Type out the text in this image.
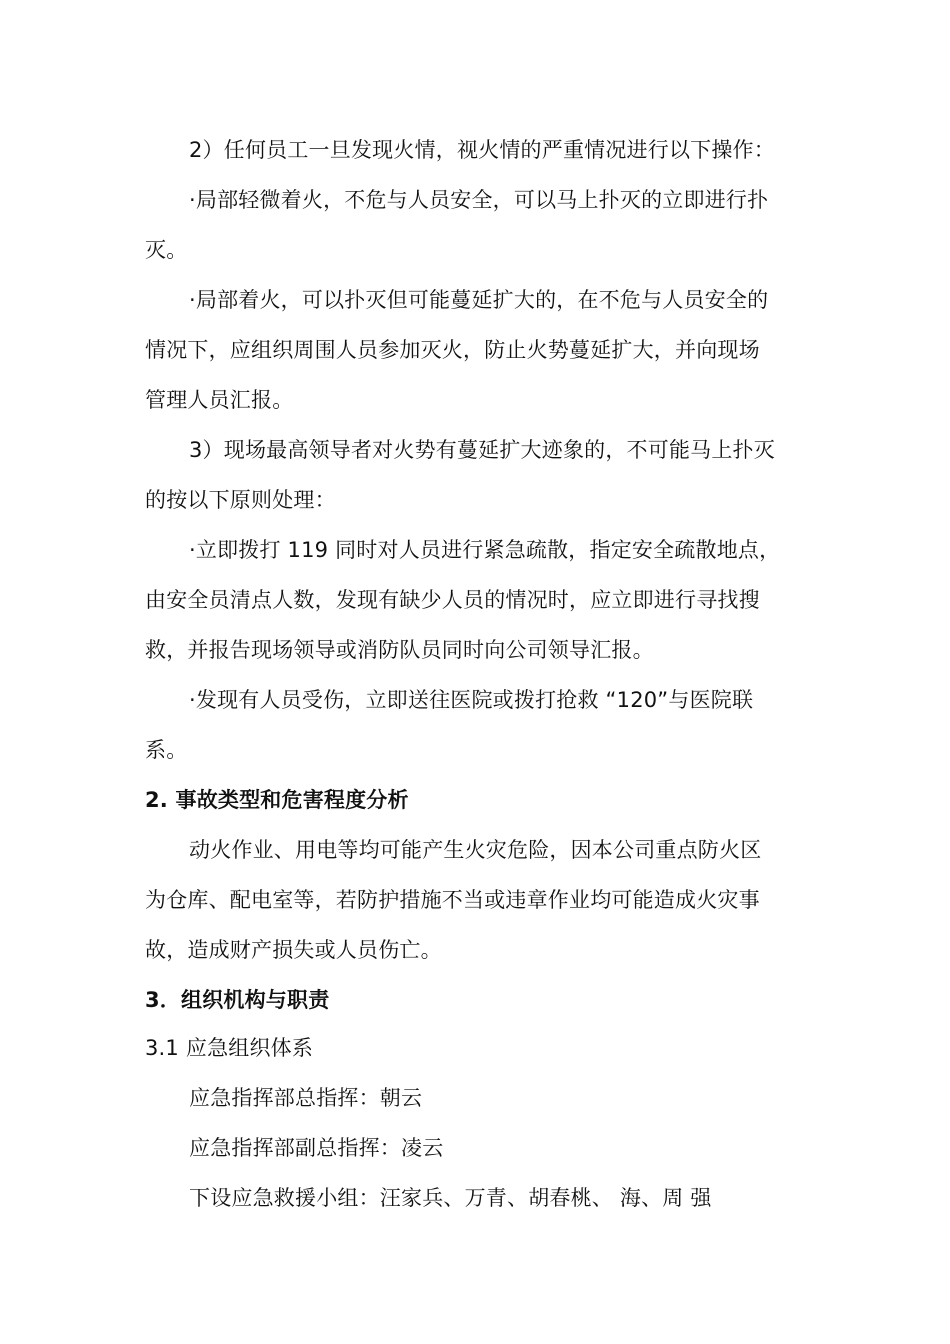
2）任何员工一旦发现火情，视火情的严重情况进行以下操作：
·局部轻微着火，不危与人员安全，可以马上扑灭的立即进行扑
灭。
·局部着火，可以扑灭但可能蔓延扩大的，在不危与人员安全的
情况下，应组织周围人员参加灭火，防止火势蔓延扩大，并向现场
管理人员汇报。
3）现场最高领导者对火势有蔓延扩大迹象的，不可能马上扑灭
的按以下原则处理：
·立即拨打 119 同时对人员进行紧急疏散，指定安全疏散地点，
由安全员清点人数，发现有缺少人员的情况时，应立即进行寻找搜
救，并报告现场领导或消防队员同时向公司领导汇报。
·发现有人员受伤，立即送往医院或拨打抢救 “120”与医院联
系。
2. 事故类型和危害程度分析
动火作业、用电等均可能产生火灾危险，因本公司重点防火区
为仓库、配电室等，若防护措施不当或违章作业均可能造成火灾事
故，造成财产损失或人员伤亡。
3．组织机构与职责
3.1 应急组织体系
应急指挥部总指挥：朝云
应急指挥部副总指挥：凌云
下设应急救援小组：汪家兵、万青、胡春桃、 海、周 强
